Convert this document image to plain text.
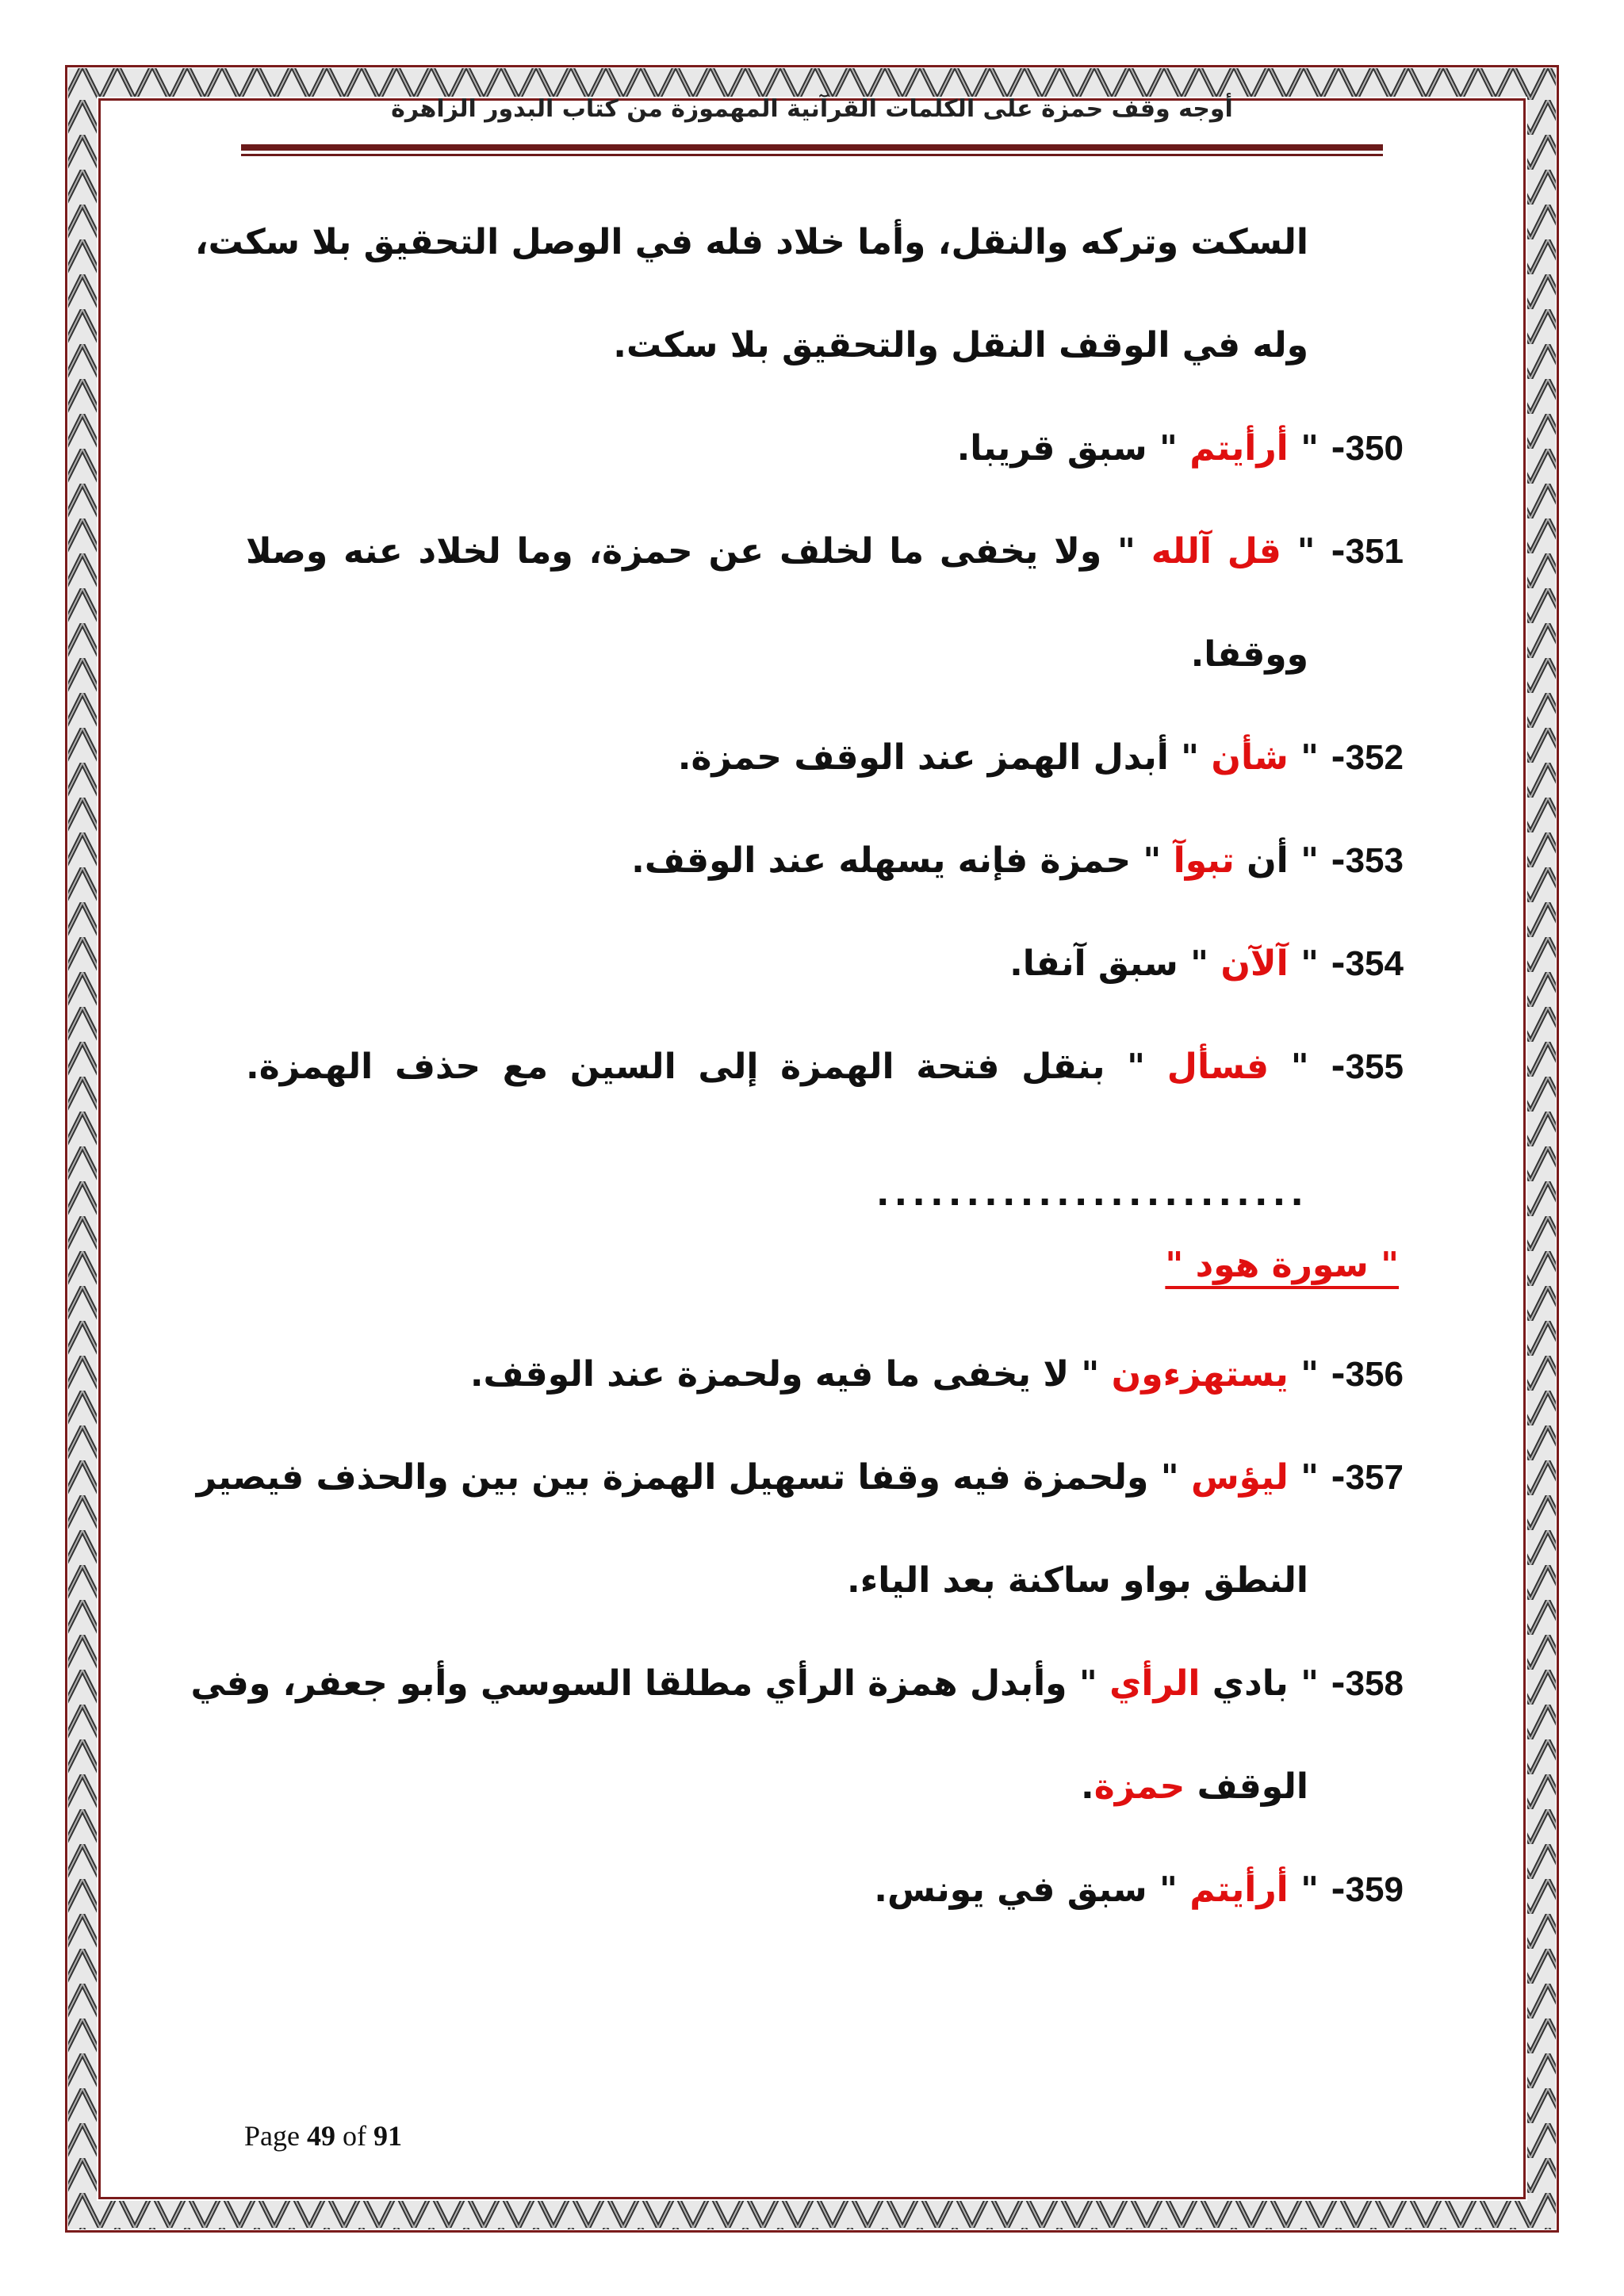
أوجه وقف حمزة على الكلمات القرآنية المهموزة من كتاب البدور الزاهرة
السكت وتركه والنقل، وأما خلاد فله في الوصل التحقيق بلا سكت،
وله في الوقف النقل والتحقيق بلا سكت.
350- " أرأيتم " سبق قريبا.
351- " قل آلله " ولا يخفى ما لخلف عن حمزة، وما لخلاد عنه وصلا
ووقفا.
352- " شأن " أبدل الهمز عند الوقف حمزة.
353- " أن تبوآ " حمزة فإنه يسهله عند الوقف.
354- " آلآن " سبق آنفا.
355- " فسأل " بنقل فتحة الهمزة إلى السين مع حذف الهمزة.
........................
" سورة هود "
356- " يستهزءون " لا يخفى ما فيه ولحمزة عند الوقف.
357- " ليؤس " ولحمزة فيه وقفا تسهيل الهمزة بين بين والحذف فيصير
النطق بواو ساكنة بعد الياء.
358- " بادي الرأي " وأبدل همزة الرأي مطلقا السوسي وأبو جعفر، وفي
الوقف حمزة.
359- " أرأيتم " سبق في يونس.
Page 49 of 91
